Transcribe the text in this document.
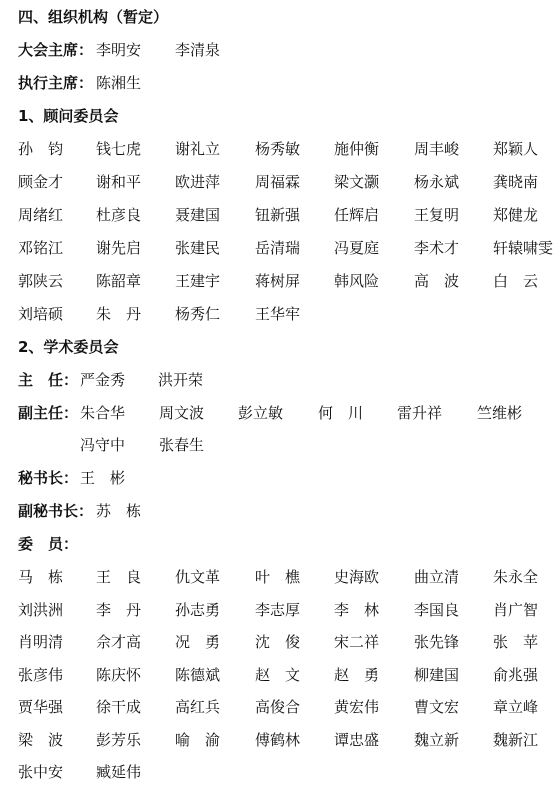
四、组织机构（暂定）
大会主席： 李明安 李清泉
执行主席： 陈湘生
1、顾问委员会
孙　钧 钱七虎 谢礼立 杨秀敏 施仲衡 周丰峻 郑颖人
顾金才 谢和平 欧进萍 周福霖 梁文灏 杨永斌 龚晓南
周绪红 杜彦良 聂建国 钮新强 任辉启 王复明 郑健龙
邓铭江 谢先启 张建民 岳清瑞 冯夏庭 李术才 轩辕啸雯
郭陕云 陈韶章 王建宇 蒋树屏 韩风险 高　波 白　云
刘培硕 朱　丹 杨秀仁 王华牢
2、学术委员会
主　任： 严金秀 洪开荣
副主任： 朱合华 周文波 彭立敏 何　川 雷升祥 竺维彬
冯守中 张春生
秘书长： 王　彬
副秘书长： 苏　栋
委　员：
马　栋 王　良 仇文革 叶　樵 史海欧 曲立清 朱永全
刘洪洲 李　丹 孙志勇 李志厚 李　林 李国良 肖广智
肖明清 佘才高 况　勇 沈　俊 宋二祥 张先锋 张　苹
张彦伟 陈庆怀 陈德斌 赵　文 赵　勇 柳建国 俞兆强
贾华强 徐干成 高红兵 高俊合 黄宏伟 曹文宏 章立峰
梁　波 彭芳乐 喻　渝 傅鹤林 谭忠盛 魏立新 魏新江
张中安 臧延伟
